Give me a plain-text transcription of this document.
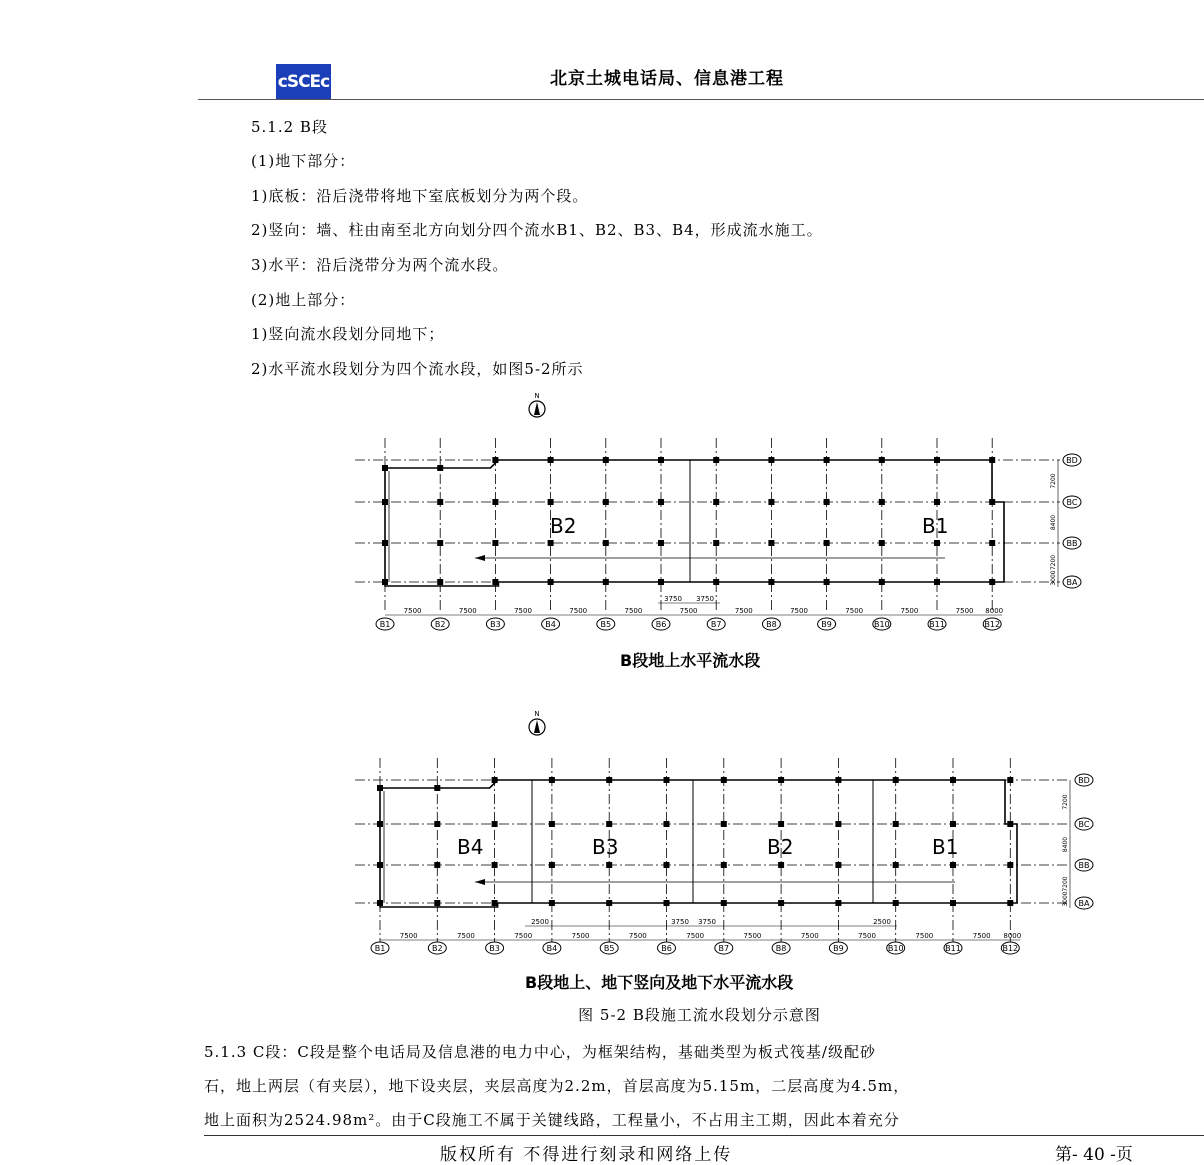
cSCEc	北京土城电话局、信息港工程
5.1.2 B段
(1)地下部分：
1)底板：沿后浇带将地下室底板划分为两个段。
2)竖向：墙、柱由南至北方向划分四个流水B1、B2、B3、B4，形成流水施工。
3)水平：沿后浇带分为两个流水段。
(2)地上部分：
1)竖向流水段划分同地下；
2)水平流水段划分为四个流水段，如图5-2所示
N
B2	B1
7500	7500	7500	7500	7500	7500	7500	7500	7500	7500	7500 8000
3750 3750
B1	B2	B3	B4	B5	B6	B7	B8	B9	B10	B11	B12
BD
BC
BB
BA
7200
8400
7200
3000
B段地上水平流水段
N
B4	B3	B2	B1
7500	7500	7500	7500	7500	7500	7500	7500	7500	7500	7500 8000
2500	3750 3750	2500
B1	B2	B3	B4	B5	B6	B7	B8	B9	B10	B11	B12
BD
BC
BB
BA
7200
8400
7200
3000
B段地上、地下竖向及地下水平流水段
图 5-2 B段施工流水段划分示意图
5.1.3 C段：C段是整个电话局及信息港的电力中心，为框架结构，基础类型为板式筏基/级配砂
石，地上两层（有夹层），地下设夹层，夹层高度为2.2m，首层高度为5.15m，二层高度为4.5m，
地上面积为2524.98m²。由于C段施工不属于关键线路，工程量小，不占用主工期，因此本着充分
版权所有 不得进行刻录和网络上传	第- 40 -页
